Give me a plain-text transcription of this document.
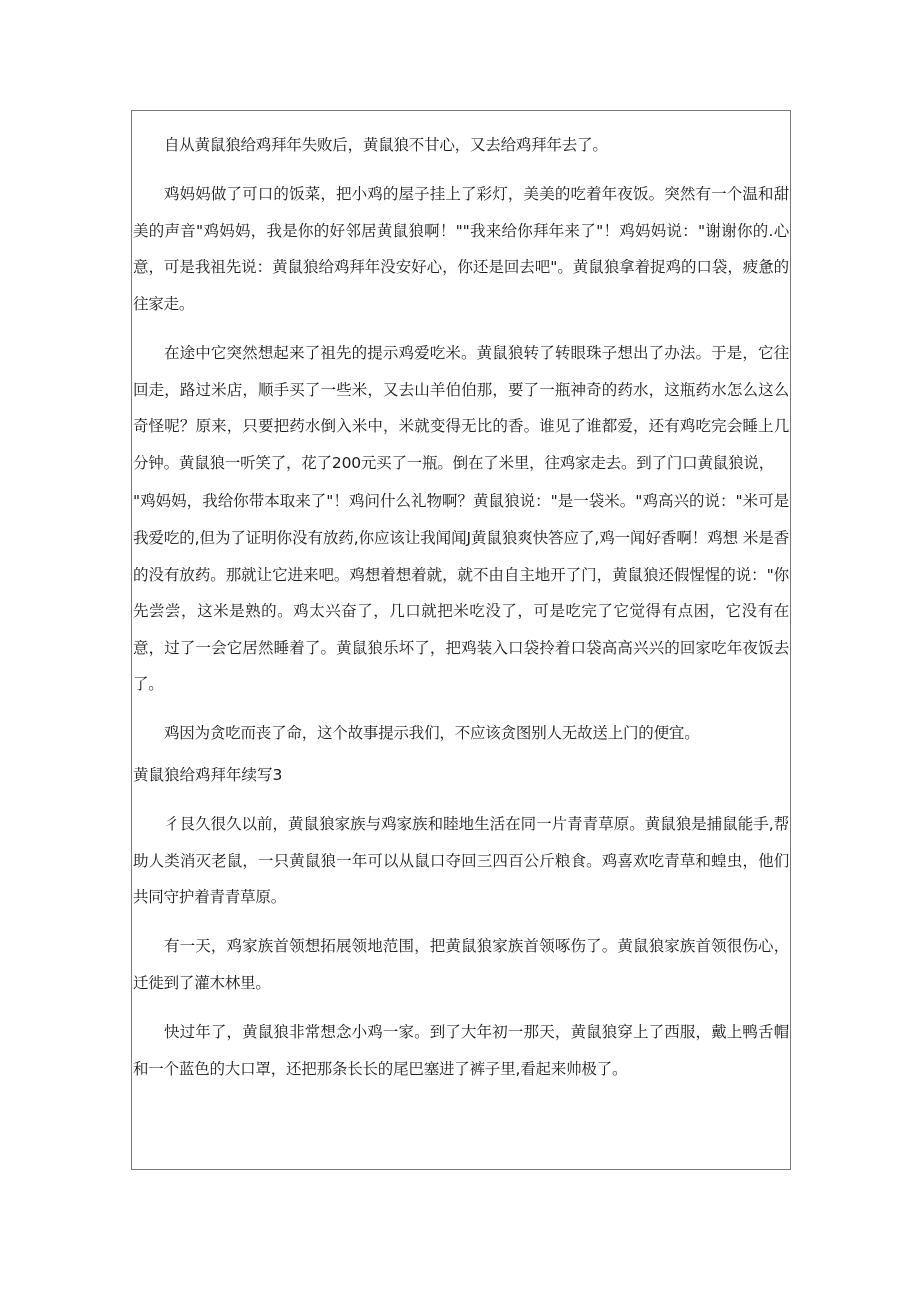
自从黄鼠狼给鸡拜年失败后，黄鼠狼不甘心，又去给鸡拜年去了。

鸡妈妈做了可口的饭菜，把小鸡的屋子挂上了彩灯，美美的吃着年夜饭。突然有一个温和甜美的声音"鸡妈妈，我是你的好邻居黄鼠狼啊！""我来给你拜年来了"！鸡妈妈说："谢谢你的.心意，可是我祖先说：黄鼠狼给鸡拜年没安好心，你还是回去吧"。黄鼠狼拿着捉鸡的口袋，疲惫的往家走。

在途中它突然想起来了祖先的提示鸡爱吃米。黄鼠狼转了转眼珠子想出了办法。于是，它往回走，路过米店，顺手买了一些米，又去山羊伯伯那，要了一瓶神奇的药水，这瓶药水怎么这么奇怪呢？原来，只要把药水倒入米中，米就变得无比的香。谁见了谁都爱，还有鸡吃完会睡上几分钟。黄鼠狼一听笑了，花了200元买了一瓶。倒在了米里，往鸡家走去。到了门口黄鼠狼说，

"鸡妈妈，我给你带本取来了"！鸡问什么礼物啊？黄鼠狼说："是一袋米。"鸡高兴的说："米可是我爱吃的,但为了证明你没有放药,你应该让我闻闻J黄鼠狼爽快答应了,鸡一闻好香啊！鸡想 米是香的没有放药。那就让它进来吧。鸡想着想着就，就不由自主地开了门，黄鼠狼还假惺惺的说："你先尝尝，这米是熟的。鸡太兴奋了，几口就把米吃没了，可是吃完了它觉得有点困，它没有在意，过了一会它居然睡着了。黄鼠狼乐坏了，把鸡装入口袋拎着口袋高高兴兴的回家吃年夜饭去了。

鸡因为贪吃而丧了命，这个故事提示我们，不应该贪图别人无故送上门的便宜。

黄鼠狼给鸡拜年续写3

彳艮久很久以前，黄鼠狼家族与鸡家族和睦地生活在同一片青青草原。黄鼠狼是捕鼠能手,帮助人类消灭老鼠，一只黄鼠狼一年可以从鼠口夺回三四百公斤粮食。鸡喜欢吃青草和蝗虫，他们共同守护着青青草原。

有一天，鸡家族首领想拓展领地范围，把黄鼠狼家族首领啄伤了。黄鼠狼家族首领很伤心，迁徙到了灌木林里。

快过年了，黄鼠狼非常想念小鸡一家。到了大年初一那天，黄鼠狼穿上了西服，戴上鸭舌帽和一个蓝色的大口罩，还把那条长长的尾巴塞进了裤子里,看起来帅极了。
